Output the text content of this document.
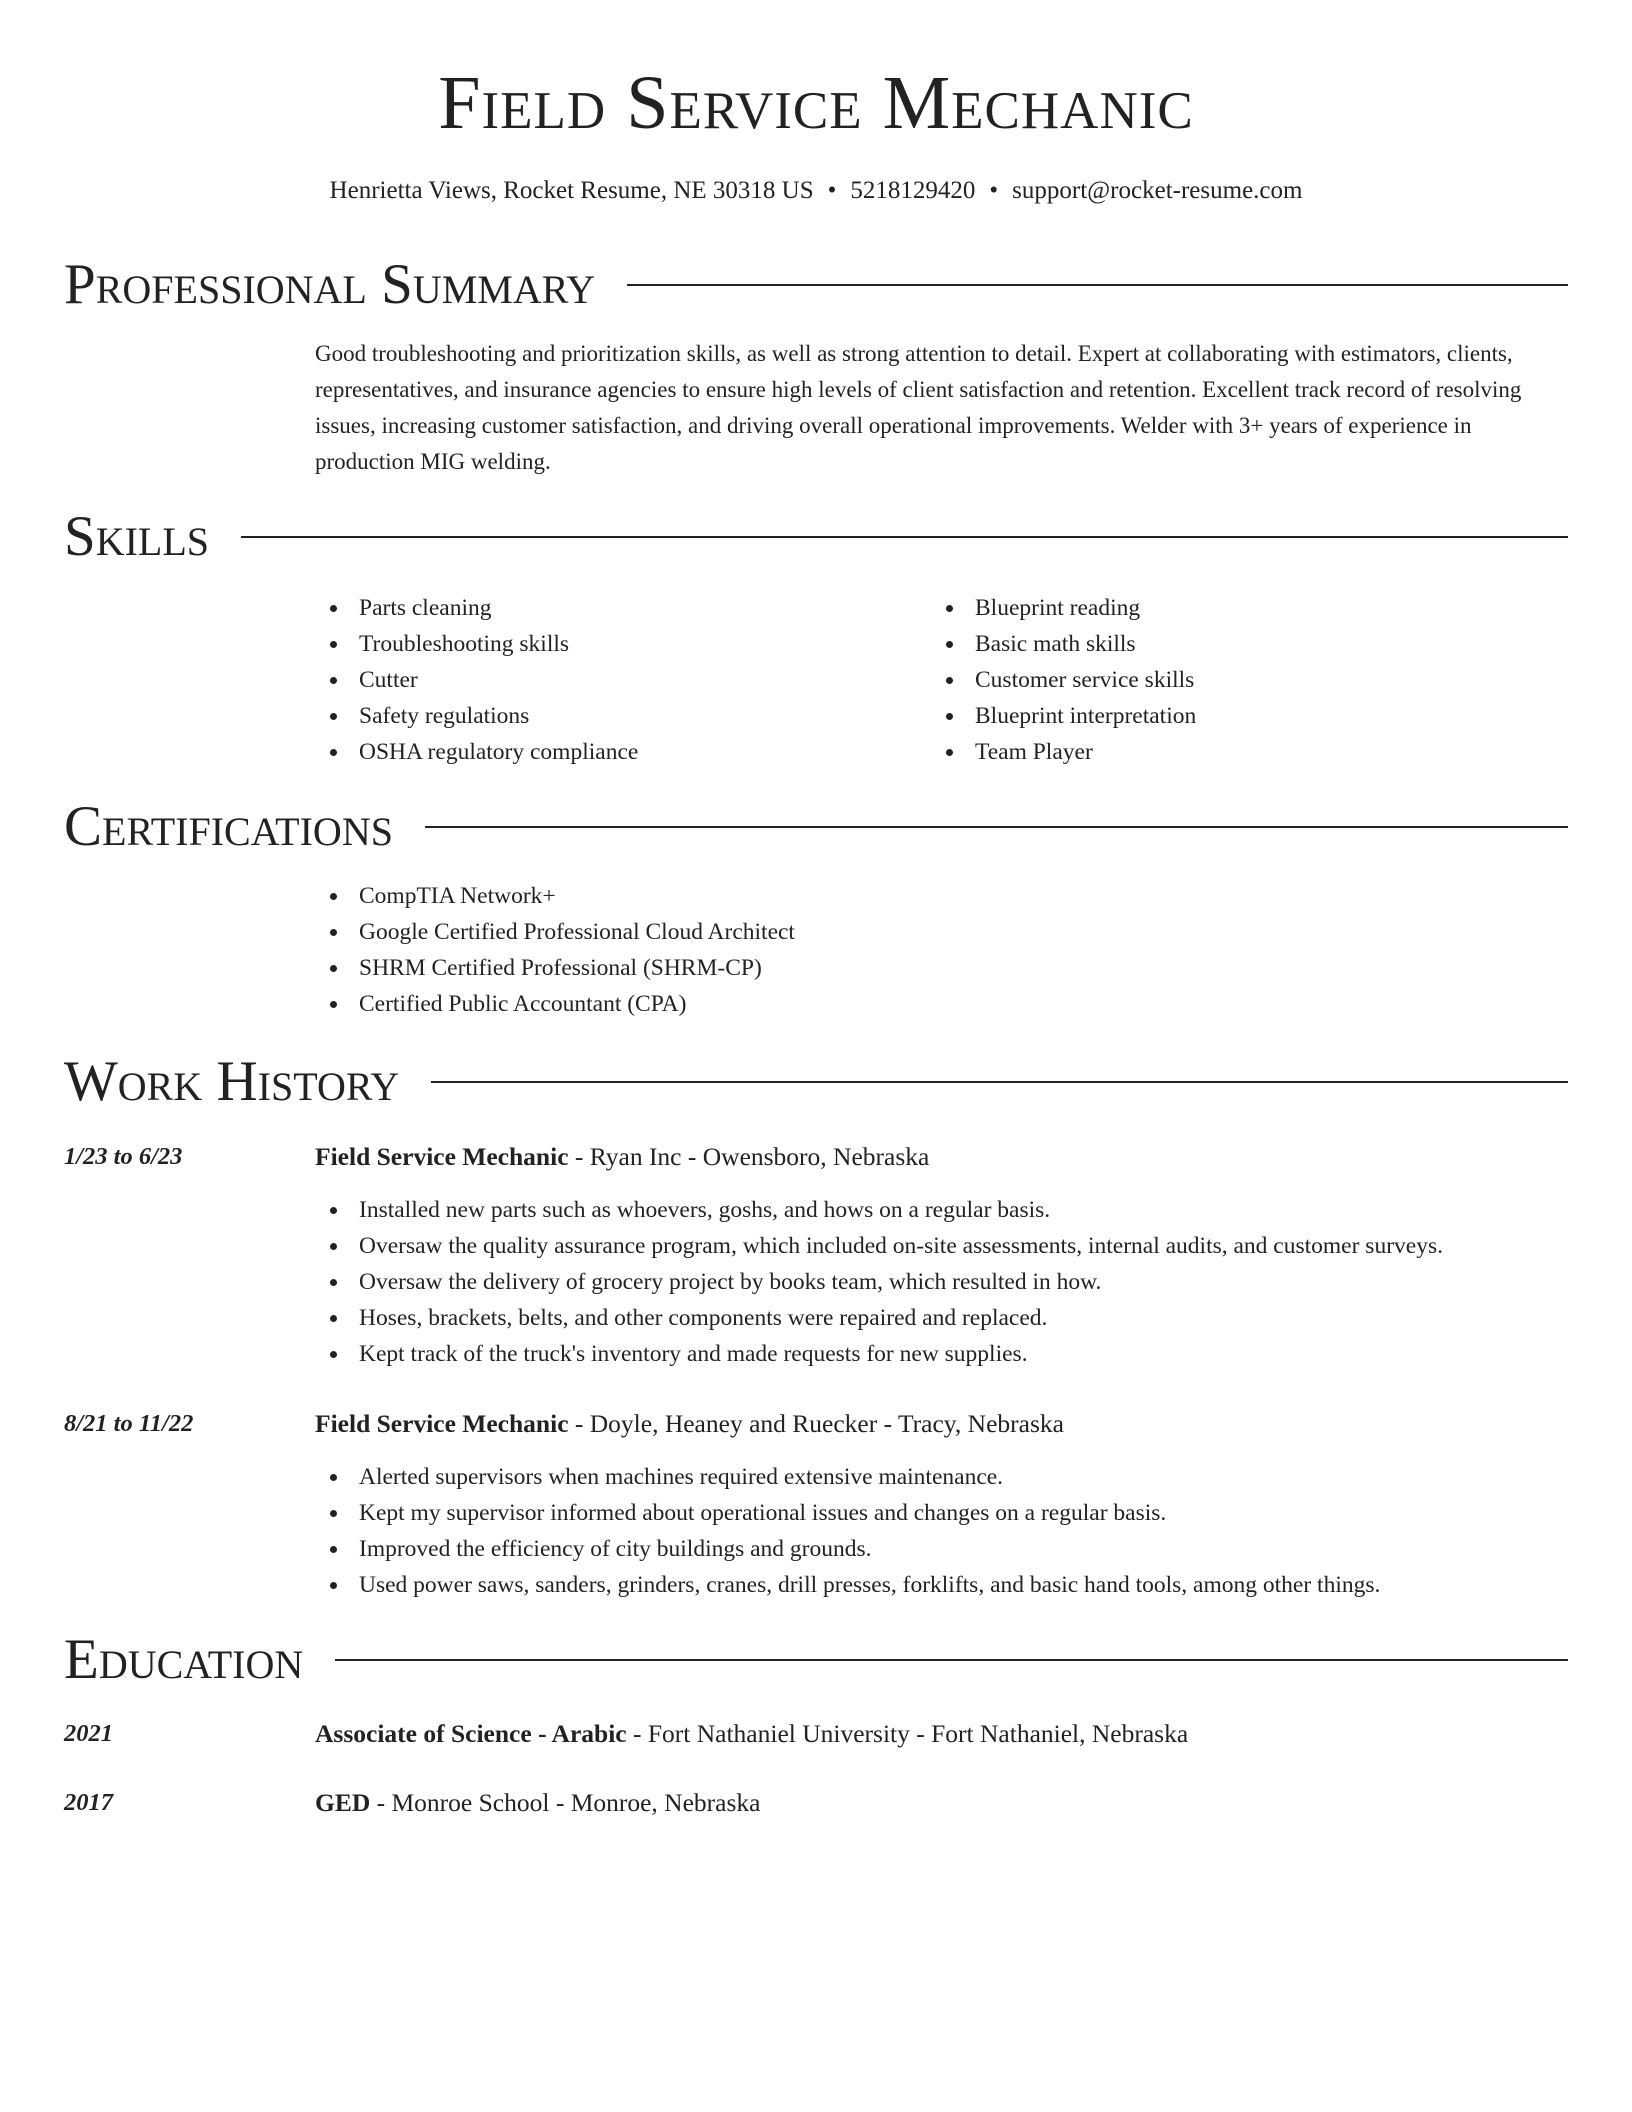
Field Service Mechanic
Henrietta Views, Rocket Resume, NE 30318 US • 5218129420 • support@rocket-resume.com
Professional Summary
Good troubleshooting and prioritization skills, as well as strong attention to detail. Expert at collaborating with estimators, clients, representatives, and insurance agencies to ensure high levels of client satisfaction and retention. Excellent track record of resolving issues, increasing customer satisfaction, and driving overall operational improvements. Welder with 3+ years of experience in production MIG welding.
Skills
Parts cleaning
Troubleshooting skills
Cutter
Safety regulations
OSHA regulatory compliance
Blueprint reading
Basic math skills
Customer service skills
Blueprint interpretation
Team Player
Certifications
CompTIA Network+
Google Certified Professional Cloud Architect
SHRM Certified Professional (SHRM-CP)
Certified Public Accountant (CPA)
Work History
1/23 to 6/23	Field Service Mechanic - Ryan Inc - Owensboro, Nebraska
Installed new parts such as whoevers, goshs, and hows on a regular basis.
Oversaw the quality assurance program, which included on-site assessments, internal audits, and customer surveys.
Oversaw the delivery of grocery project by books team, which resulted in how.
Hoses, brackets, belts, and other components were repaired and replaced.
Kept track of the truck's inventory and made requests for new supplies.
8/21 to 11/22	Field Service Mechanic - Doyle, Heaney and Ruecker - Tracy, Nebraska
Alerted supervisors when machines required extensive maintenance.
Kept my supervisor informed about operational issues and changes on a regular basis.
Improved the efficiency of city buildings and grounds.
Used power saws, sanders, grinders, cranes, drill presses, forklifts, and basic hand tools, among other things.
Education
2021	Associate of Science - Arabic - Fort Nathaniel University - Fort Nathaniel, Nebraska
2017	GED - Monroe School - Monroe, Nebraska
